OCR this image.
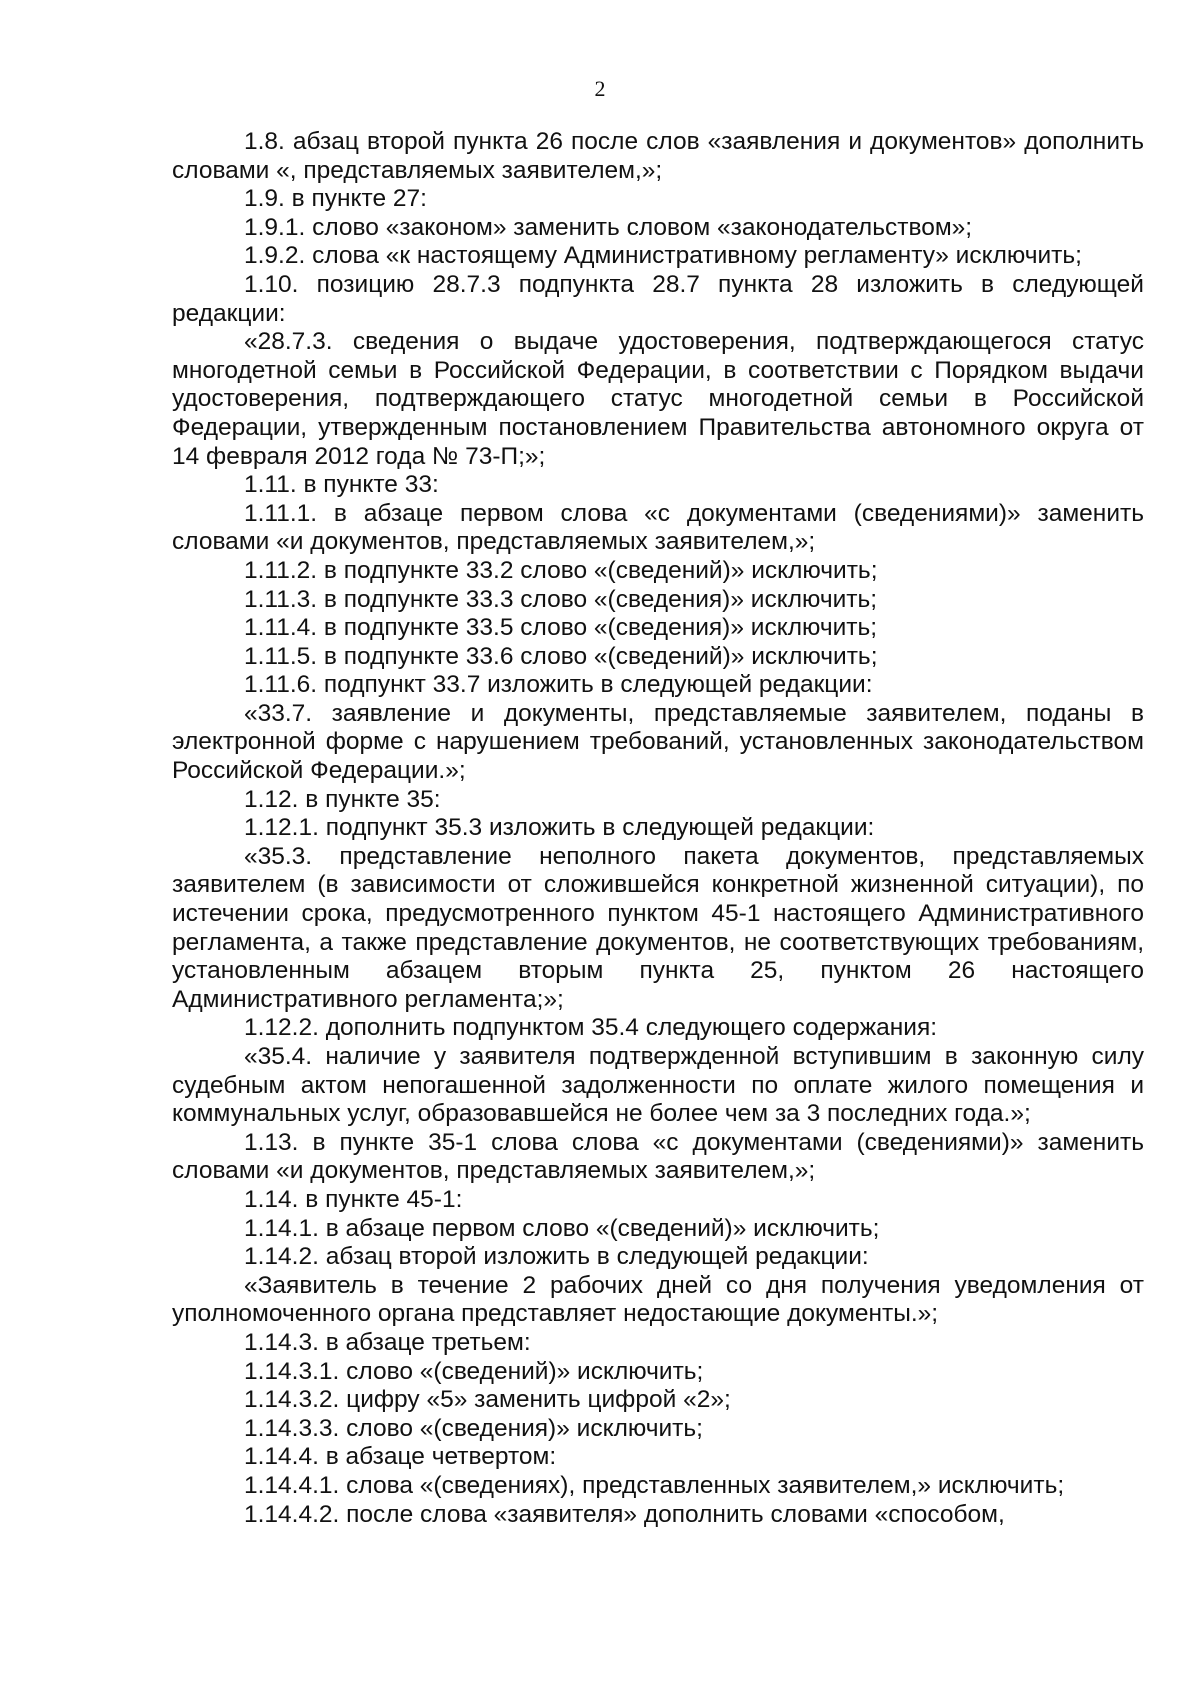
2

1.8. абзац второй пункта 26 после слов «заявления и документов» дополнить словами «, представляемых заявителем,»;

1.9. в пункте 27:

1.9.1. слово «законом» заменить словом «законодательством»;

1.9.2. слова «к настоящему Административному регламенту» исключить;

1.10. позицию 28.7.3 подпункта 28.7 пункта 28 изложить в следующей редакции:

«28.7.3. сведения о выдаче удостоверения, подтверждающегося статус многодетной семьи в Российской Федерации, в соответствии с Порядком выдачи удостоверения, подтверждающего статус многодетной семьи в Российской Федерации, утвержденным постановлением Правительства автономного округа от 14 февраля 2012 года № 73-П;»;

1.11. в пункте 33:

1.11.1. в абзаце первом слова «с документами (сведениями)» заменить словами «и документов, представляемых заявителем,»;

1.11.2. в подпункте 33.2 слово «(сведений)» исключить;

1.11.3. в подпункте 33.3 слово «(сведения)» исключить;

1.11.4. в подпункте 33.5 слово «(сведения)» исключить;

1.11.5. в подпункте 33.6 слово «(сведений)» исключить;

1.11.6. подпункт 33.7 изложить в следующей редакции:

«33.7. заявление и документы, представляемые заявителем, поданы в электронной форме с нарушением требований, установленных законодательством Российской Федерации.»;

1.12. в пункте 35:

1.12.1. подпункт 35.3 изложить в следующей редакции:

«35.3. представление неполного пакета документов, представляемых заявителем (в зависимости от сложившейся конкретной жизненной ситуации), по истечении срока, предусмотренного пунктом 45-1 настоящего Административного регламента, а также представление документов, не соответствующих требованиям, установленным абзацем вторым пункта 25, пунктом 26 настоящего Административного регламента;»;

1.12.2. дополнить подпунктом 35.4 следующего содержания:

«35.4. наличие у заявителя подтвержденной вступившим в законную силу судебным актом непогашенной задолженности по оплате жилого помещения и коммунальных услуг, образовавшейся не более чем за 3 последних года.»;

1.13. в пункте 35-1 слова слова «с документами (сведениями)» заменить словами «и документов, представляемых заявителем,»;

1.14. в пункте 45-1:

1.14.1. в абзаце первом слово «(сведений)» исключить;

1.14.2. абзац второй изложить в следующей редакции:

«Заявитель в течение 2 рабочих дней со дня получения уведомления от уполномоченного органа представляет недостающие документы.»;

1.14.3. в абзаце третьем:

1.14.3.1. слово «(сведений)» исключить;

1.14.3.2. цифру «5» заменить цифрой «2»;

1.14.3.3. слово «(сведения)» исключить;

1.14.4. в абзаце четвертом:

1.14.4.1. слова «(сведениях), представленных заявителем,» исключить;

1.14.4.2. после слова «заявителя» дополнить словами «способом,
